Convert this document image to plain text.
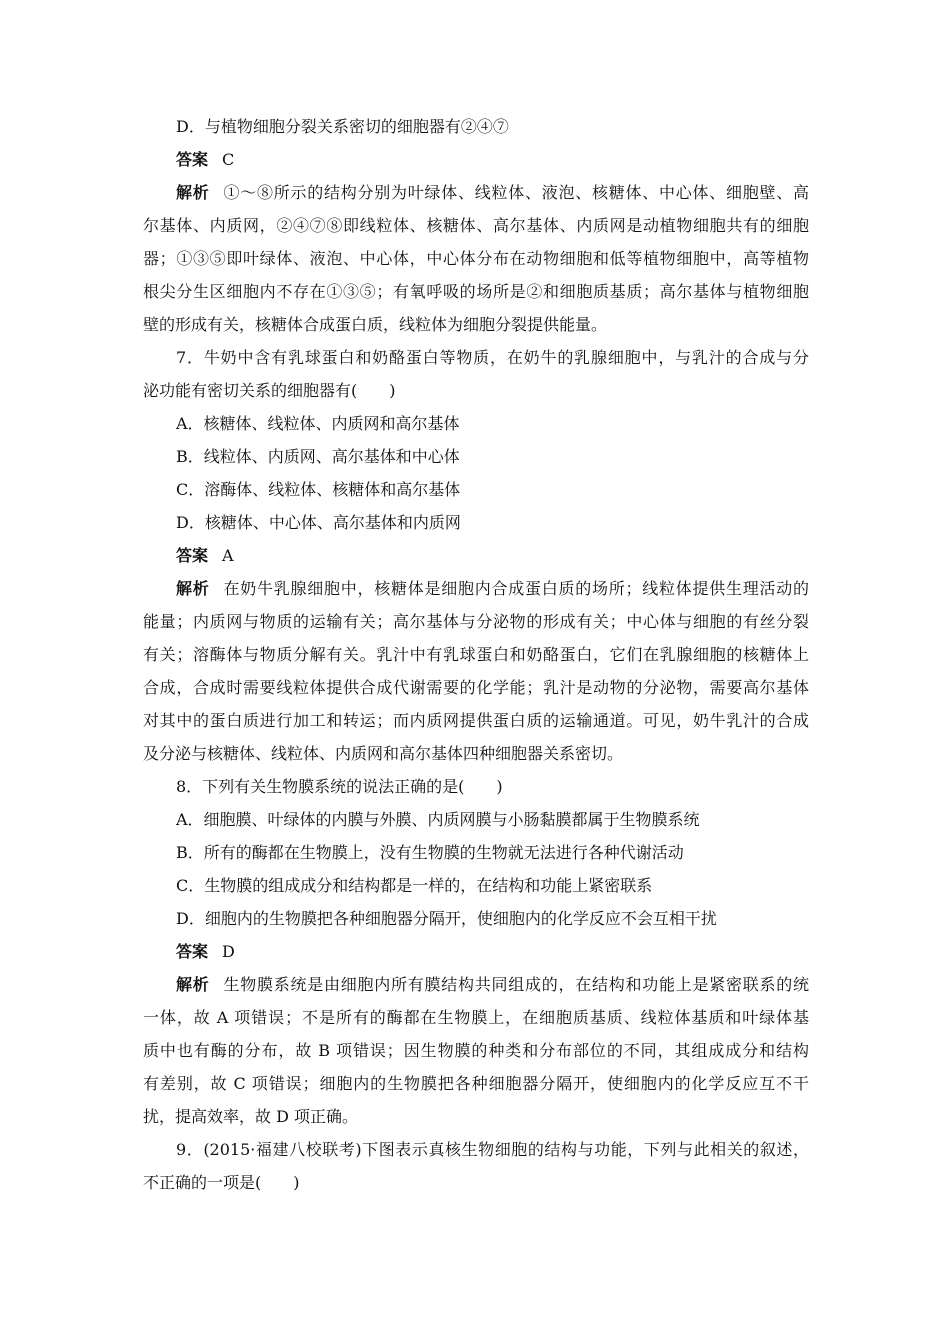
D．与植物细胞分裂关系密切的细胞器有②④⑦
答案 C
解析 ①～⑧所示的结构分别为叶绿体、线粒体、液泡、核糖体、中心体、细胞壁、高
尔基体、内质网，②④⑦⑧即线粒体、核糖体、高尔基体、内质网是动植物细胞共有的细胞
器；①③⑤即叶绿体、液泡、中心体，中心体分布在动物细胞和低等植物细胞中，高等植物
根尖分生区细胞内不存在①③⑤；有氧呼吸的场所是②和细胞质基质；高尔基体与植物细胞
壁的形成有关，核糖体合成蛋白质，线粒体为细胞分裂提供能量。
7．牛奶中含有乳球蛋白和奶酪蛋白等物质，在奶牛的乳腺细胞中，与乳汁的合成与分
泌功能有密切关系的细胞器有(　　)
A．核糖体、线粒体、内质网和高尔基体
B．线粒体、内质网、高尔基体和中心体
C．溶酶体、线粒体、核糖体和高尔基体
D．核糖体、中心体、高尔基体和内质网
答案 A
解析 在奶牛乳腺细胞中，核糖体是细胞内合成蛋白质的场所；线粒体提供生理活动的
能量；内质网与物质的运输有关；高尔基体与分泌物的形成有关；中心体与细胞的有丝分裂
有关；溶酶体与物质分解有关。乳汁中有乳球蛋白和奶酪蛋白，它们在乳腺细胞的核糖体上
合成，合成时需要线粒体提供合成代谢需要的化学能；乳汁是动物的分泌物，需要高尔基体
对其中的蛋白质进行加工和转运；而内质网提供蛋白质的运输通道。可见，奶牛乳汁的合成
及分泌与核糖体、线粒体、内质网和高尔基体四种细胞器关系密切。
8．下列有关生物膜系统的说法正确的是(　　)
A．细胞膜、叶绿体的内膜与外膜、内质网膜与小肠黏膜都属于生物膜系统
B．所有的酶都在生物膜上，没有生物膜的生物就无法进行各种代谢活动
C．生物膜的组成成分和结构都是一样的，在结构和功能上紧密联系
D．细胞内的生物膜把各种细胞器分隔开，使细胞内的化学反应不会互相干扰
答案 D
解析 生物膜系统是由细胞内所有膜结构共同组成的，在结构和功能上是紧密联系的统
一体，故 A 项错误；不是所有的酶都在生物膜上，在细胞质基质、线粒体基质和叶绿体基
质中也有酶的分布，故 B 项错误；因生物膜的种类和分布部位的不同，其组成成分和结构
有差别，故 C 项错误；细胞内的生物膜把各种细胞器分隔开，使细胞内的化学反应互不干
扰，提高效率，故 D 项正确。
9．(2015·福建八校联考)下图表示真核生物细胞的结构与功能，下列与此相关的叙述，
不正确的一项是(　　)
